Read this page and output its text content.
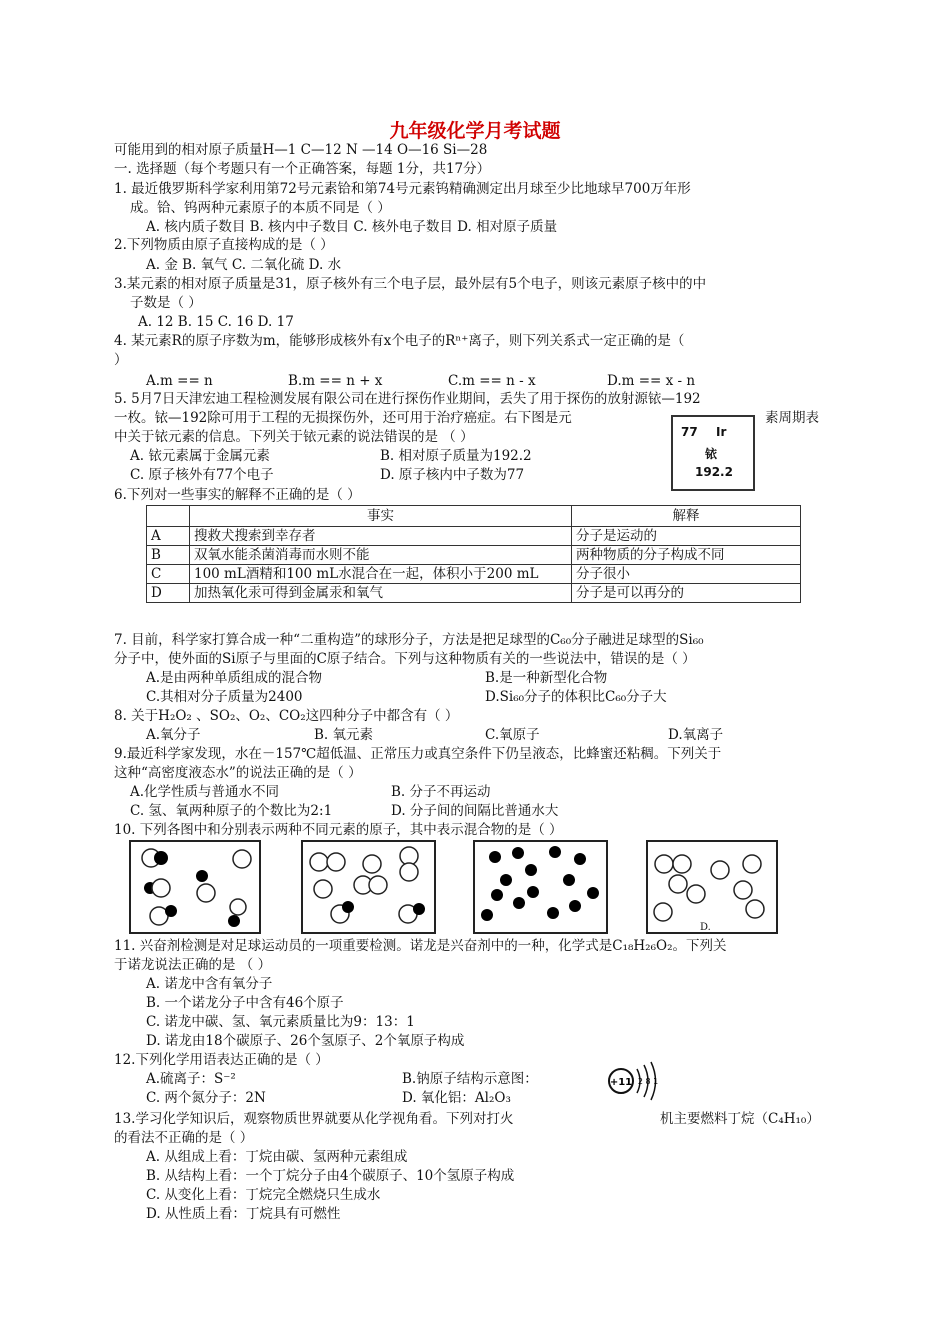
九年级化学月考试题
可能用到的相对原子质量H—1 C—12 N —14 O—16 Si—28
一. 选择题（每个考题只有一个正确答案，每题 1分，共17分）
1. 最近俄罗斯科学家利用第72号元素铪和第74号元素钨精确测定出月球至少比地球早700万年形
成。铪、钨两种元素原子的本质不同是（ ）
A. 核内质子数目 B. 核内中子数目 C. 核外电子数目 D. 相对原子质量
2.下列物质由原子直接构成的是（ ）
A. 金 B. 氧气 C. 二氧化硫 D. 水
3.某元素的相对原子质量是31，原子核外有三个电子层，最外层有5个电子，则该元素原子核中的中
子数是（ ）
A. 12 B. 15 C. 16 D. 17
4. 某元素R的原子序数为m，能够形成核外有x个电子的Rⁿ⁺离子，则下列关系式一定正确的是（
）
A.m == n	B.m == n + x	C.m == n - x	D.m == x - n
5. 5月7日天津宏迪工程检测发展有限公司在进行探伤作业期间，丢失了用于探伤的放射源铱—192
一枚。铱—192除可用于工程的无损探伤外，还可用于治疗癌症。右下图是元	素周期表
中关于铱元素的信息。下列关于铱元素的说法错误的是 （ ）
A. 铱元素属于金属元素	B. 相对原子质量为192.2
C. 原子核外有77个电子	D. 原子核内中子数为77
77 Ir
铱
192.2
6.下列对一些事实的解释不正确的是（ ）
	事实	解释
A	搜救犬搜索到幸存者	分子是运动的
B	双氧水能杀菌消毒而水则不能	两种物质的分子构成不同
C	100 mL酒精和100 mL水混合在一起，体积小于200 mL	分子很小
D	加热氧化汞可得到金属汞和氧气	分子是可以再分的
7. 目前，科学家打算合成一种“二重构造”的球形分子，方法是把足球型的C₆₀分子融进足球型的Si₆₀
分子中，使外面的Si原子与里面的C原子结合。下列与这种物质有关的一些说法中，错误的是（ ）
A.是由两种单质组成的混合物	B.是一种新型化合物
C.其相对分子质量为2400	D.Si₆₀分子的体积比C₆₀分子大
8. 关于H₂O₂ 、SO₂、O₂、CO₂这四种分子中都含有（ ）
A.氧分子	B. 氧元素	C.氧原子	D.氧离子
9.最近科学家发现，水在－157℃超低温、正常压力或真空条件下仍呈液态，比蜂蜜还粘稠。下列关于
这种“高密度液态水”的说法正确的是（ ）
A.化学性质与普通水不同	B. 分子不再运动
C. 氢、氧两种原子的个数比为2:1	D. 分子间的间隔比普通水大
10. 下列各图中和分别表示两种不同元素的原子，其中表示混合物的是（ ）
D.
11. 兴奋剂检测是对足球运动员的一项重要检测。诺龙是兴奋剂中的一种，化学式是C₁₈H₂₆O₂。下列关
于诺龙说法正确的是 （ ）
A. 诺龙中含有氧分子
B. 一个诺龙分子中含有46个原子
C. 诺龙中碳、氢、氧元素质量比为9：13：1
D. 诺龙由18个碳原子、26个氢原子、2个氧原子构成
12.下列化学用语表达正确的是（ ）
A.硫离子：S⁻²	B.钠原子结构示意图：
C. 两个氮分子：2N	D. 氧化铝：Al₂O₃
+11 2 8 1
13.学习化学知识后，观察物质世界就要从化学视角看。下列对打火	机主要燃料丁烷（C₄H₁₀）
的看法不正确的是（ ）
A. 从组成上看：丁烷由碳、氢两种元素组成
B. 从结构上看：一个丁烷分子由4个碳原子、10个氢原子构成
C. 从变化上看：丁烷完全燃烧只生成水
D. 从性质上看：丁烷具有可燃性
